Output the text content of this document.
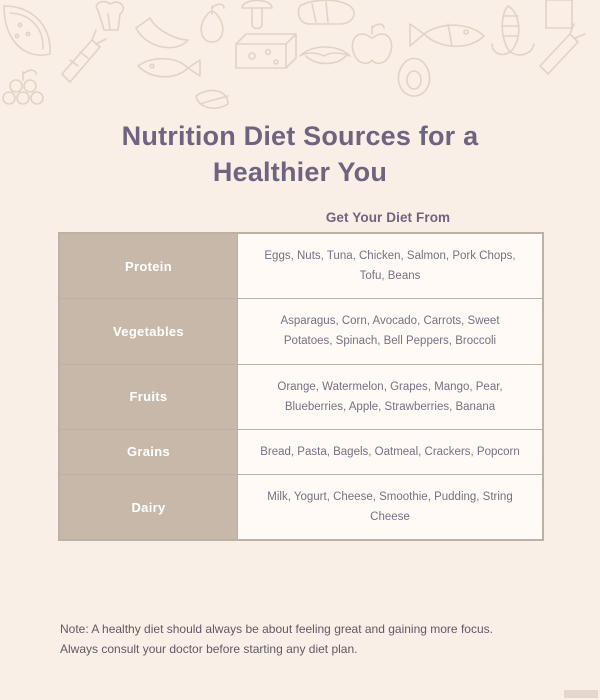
Nutrition Diet Sources for a Healthier You
Get Your Diet From
Protein	Eggs, Nuts, Tuna, Chicken, Salmon, Pork Chops, Tofu, Beans
Vegetables	Asparagus, Corn, Avocado, Carrots, Sweet Potatoes, Spinach, Bell Peppers, Broccoli
Fruits	Orange, Watermelon, Grapes, Mango, Pear, Blueberries, Apple, Strawberries, Banana
Grains	Bread, Pasta, Bagels, Oatmeal, Crackers, Popcorn
Dairy	Milk, Yogurt, Cheese, Smoothie, Pudding, String Cheese
Note: A healthy diet should always be about feeling great and gaining more focus. Always consult your doctor before starting any diet plan.
